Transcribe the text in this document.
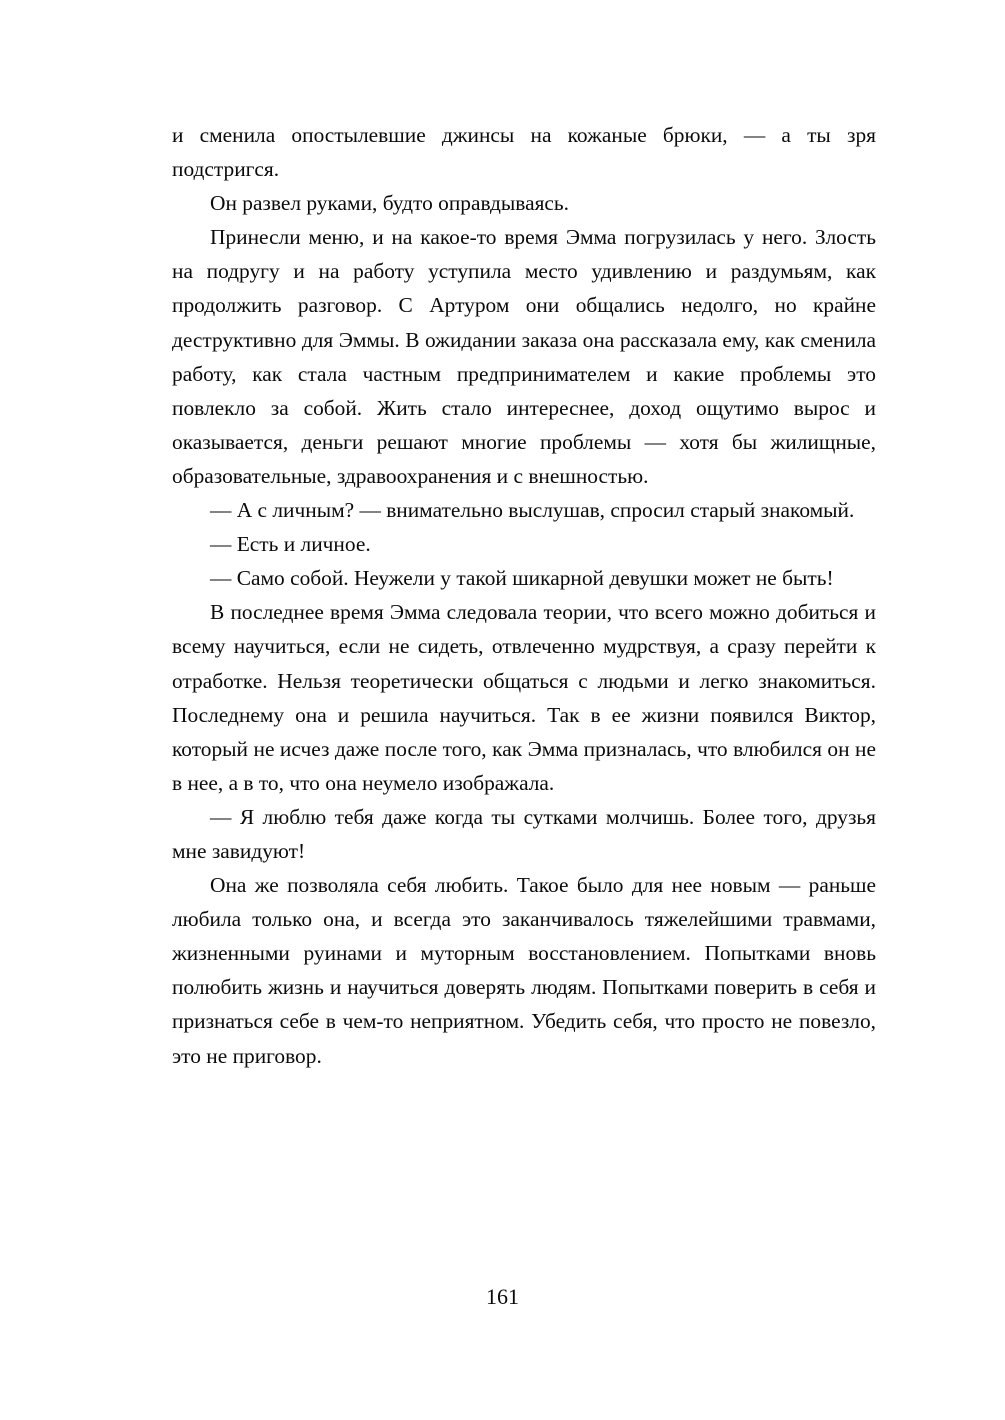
и сменила опостылевшие джинсы на кожаные брюки, — а ты зря подстригся.

Он развел руками, будто оправдываясь.

Принесли меню, и на какое-то время Эмма погрузилась у него. Злость на подругу и на работу уступила место удивлению и раздумьям, как продолжить разговор. С Артуром они общались недолго, но крайне деструктивно для Эммы. В ожидании заказа она рассказала ему, как сменила работу, как стала частным предпринимателем и какие проблемы это повлекло за собой. Жить стало интереснее, доход ощутимо вырос и оказывается, деньги решают многие проблемы — хотя бы жилищные, образовательные, здравоохранения и с внешностью.

— А с личным? — внимательно выслушав, спросил старый знакомый.

— Есть и личное.

— Само собой. Неужели у такой шикарной девушки может не быть!

В последнее время Эмма следовала теории, что всего можно добиться и всему научиться, если не сидеть, отвлеченно мудрствуя, а сразу перейти к отработке. Нельзя теоретически общаться с людьми и легко знакомиться. Последнему она и решила научиться. Так в ее жизни появился Виктор, который не исчез даже после того, как Эмма призналась, что влюбился он не в нее, а в то, что она неумело изображала.

— Я люблю тебя даже когда ты сутками молчишь. Более того, друзья мне завидуют!

Она же позволяла себя любить. Такое было для нее новым — раньше любила только она, и всегда это заканчивалось тяжелейшими травмами, жизненными руинами и муторным восстановлением. Попытками вновь полюбить жизнь и научиться доверять людям. Попытками поверить в себя и признаться себе в чем-то неприятном. Убедить себя, что просто не повезло, это не приговор.

161
